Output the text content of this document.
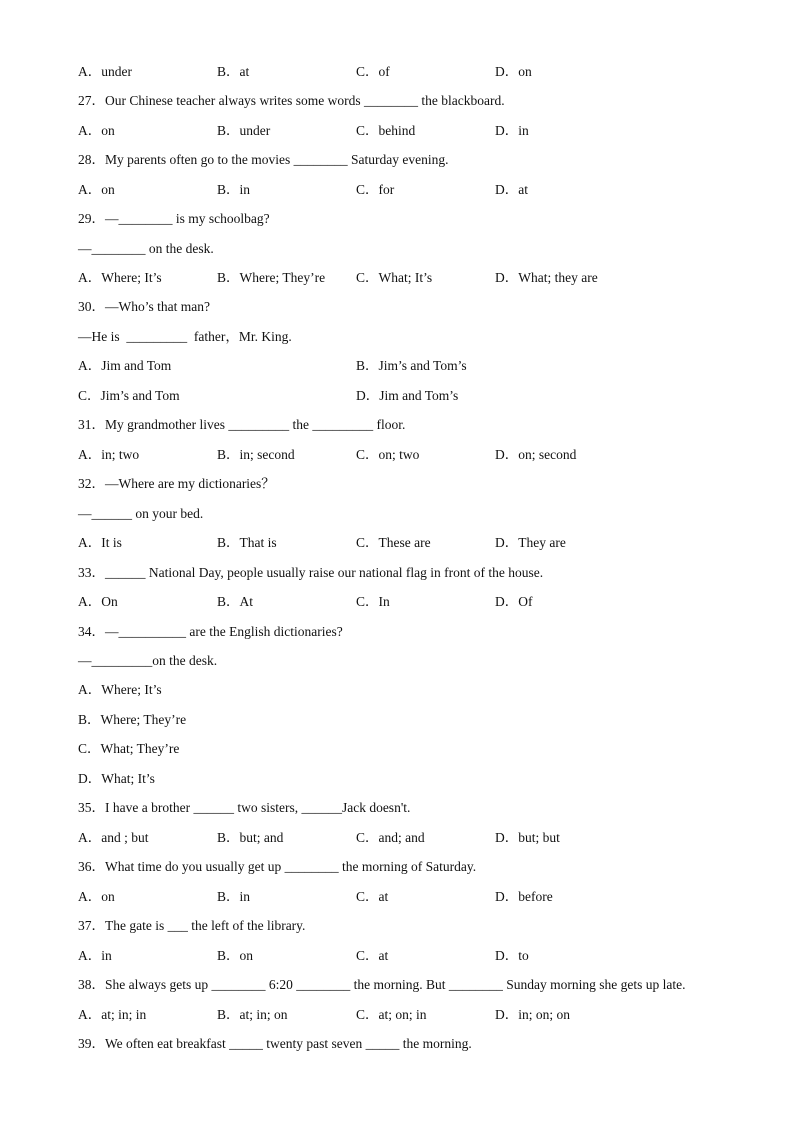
A．under	B．at	C．of	D．on
27．Our Chinese teacher always writes some words ________ the blackboard.
A．on	B．under	C．behind	D．in
28．My parents often go to the movies ________ Saturday evening.
A．on	B．in	C．for	D．at
29．—________ is my schoolbag?
—________ on the desk.
A．Where; It’s	B．Where; They’re C．What; It’s	D．What; they are
30．—Who’s that man?
—He is  _________  father，Mr. King.
A．Jim and Tom	B．Jim’s and Tom’s
C．Jim’s and Tom	D．Jim and Tom’s
31．My grandmother lives _________ the _________ floor.
A．in; two	B．in; second	C．on; two	D．on; second
32．—Where are my dictionaries？
—______ on your bed.
A．It is	B．That is	C．These are	D．They are
33．______ National Day, people usually raise our national flag in front of the house.
A．On	B．At	C．In	D．Of
34．—__________ are the English dictionaries?
—_________on the desk.
A．Where; It’s
B．Where; They’re
C．What; They’re
D．What; It’s
35．I have a brother ______ two sisters, ______Jack doesn't.
A．and ; but	B．but; and	C．and; and	D．but; but
36．What time do you usually get up ________ the morning of Saturday.
A．on	B．in	C．at	D．before
37．The gate is ___ the left of the library.
A．in	B．on	C．at	D．to
38．She always gets up ________ 6:20 ________ the morning. But ________ Sunday morning she gets up late.
A．at; in; in	B．at; in; on	C．at; on; in	D．in; on; on
39．We often eat breakfast _____ twenty past seven _____ the morning.
